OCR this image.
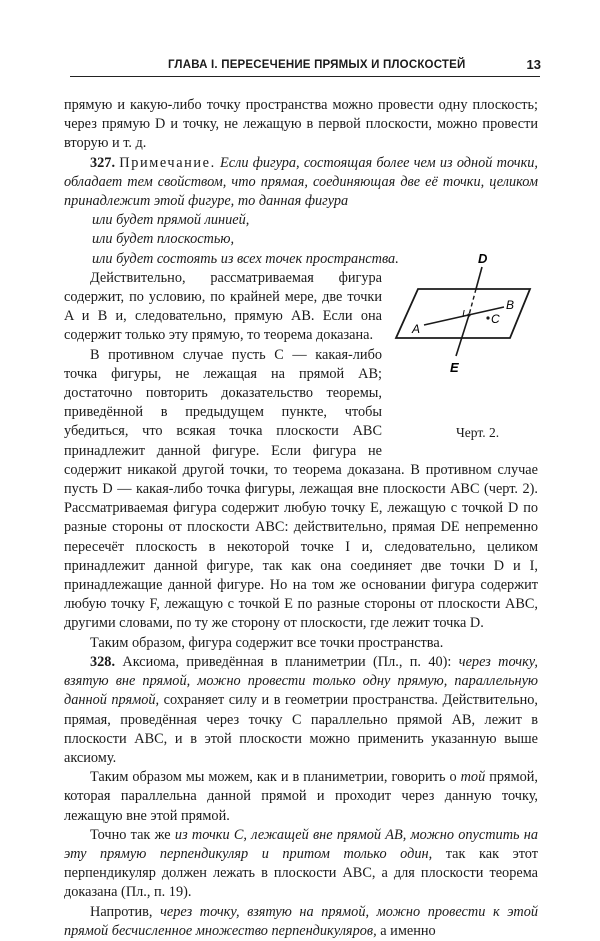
ГЛАВА I. ПЕРЕСЕЧЕНИЕ ПРЯМЫХ И ПЛОСКОСТЕЙ	13

прямую и какую-либо точку пространства можно провести одну плоскость; через прямую D и точку, не лежащую в первой плоскости, можно провести вторую и т. д.

327. Примечание. Если фигура, состоящая более чем из одной точки, обладает тем свойством, что прямая, соединяющая две её точки, целиком принадлежит этой фигуре, то данная фигура

или будет прямой линией,
или будет плоскостью,
или будет состоять из всех точек пространства.	D
E
A
B
C
I
Черт. 2.
Действительно, рассматриваемая фигура содержит, по условию, по крайней мере, две точки A и B и, следовательно, прямую AB. Если она содержит только эту прямую, то теорема доказана.

В противном случае пусть C — какая-либо точка фигуры, не лежащая на прямой AB; достаточно повторить доказательство теоремы, приведённой в предыдущем пункте, чтобы убедиться, что всякая точка плоскости ABC принадлежит данной фигуре. Если фигура не содержит никакой другой точки, то теорема доказана. В противном случае пусть D — какая-либо точка фигуры, лежащая вне плоскости ABC (черт. 2). Рассматриваемая фигура содержит любую точку E, лежащую с точкой D по разные стороны от плоскости ABC: действительно, прямая DE непременно пересечёт плоскость в некоторой точке I и, следовательно, целиком принадлежит данной фигуре, так как она соединяет две точки D и I, принадлежащие данной фигуре. Но на том же основании фигура содержит любую точку F, лежащую с точкой E по разные стороны от плоскости ABC, другими словами, по ту же сторону от плоскости, где лежит точка D.

Таким образом, фигура содержит все точки пространства.

328. Аксиома, приведённая в планиметрии (Пл., п. 40): через точку, взятую вне прямой, можно провести только одну прямую, параллельную данной прямой, сохраняет силу и в геометрии пространства. Действительно, прямая, проведённая через точку C параллельно прямой AB, лежит в плоскости ABC, и в этой плоскости можно применить указанную выше аксиому.

Таким образом мы можем, как и в планиметрии, говорить о той прямой, которая параллельна данной прямой и проходит через данную точку, лежащую вне этой прямой.

Точно так же из точки C, лежащей вне прямой AB, можно опустить на эту прямую перпендикуляр и притом только один, так как этот перпендикуляр должен лежать в плоскости ABC, а для плоскости теорема доказана (Пл., п. 19).

Напротив, через точку, взятую на прямой, можно провести к этой прямой бесчисленное множество перпендикуляров, а именно
